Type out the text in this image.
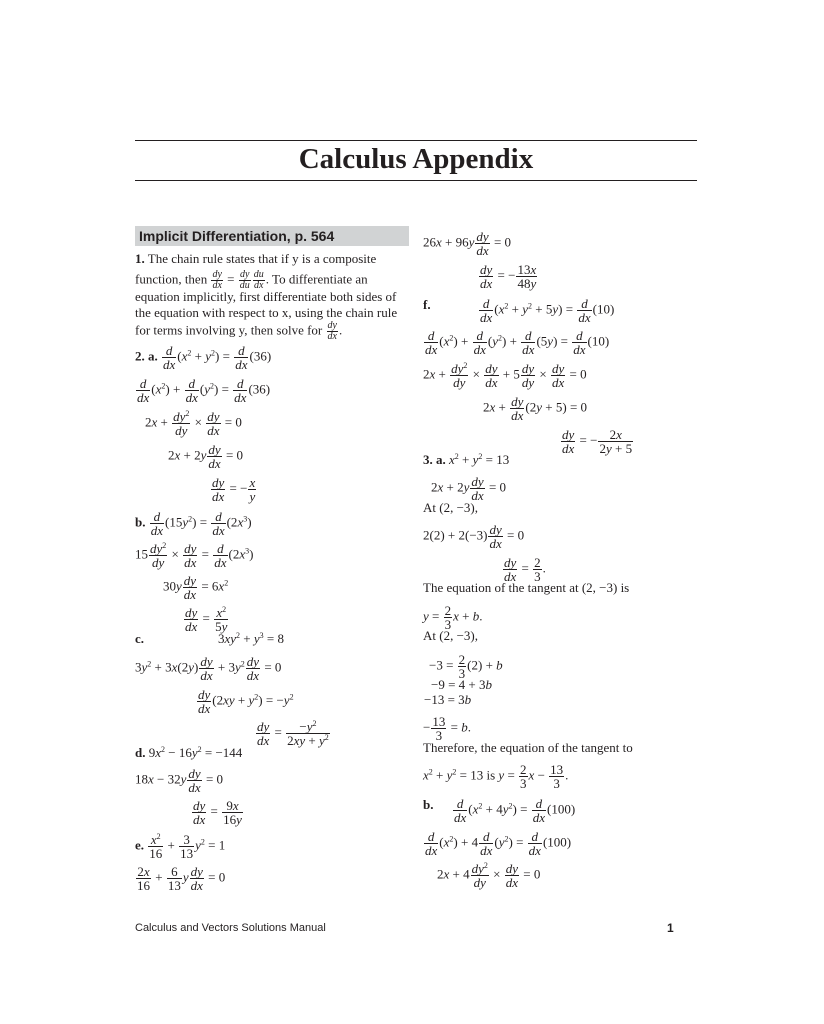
Calculus Appendix
Implicit Differentiation, p. 564
1. The chain rule states that if y is a composite
function, then $\frac{dy}{dx} = \frac{dy}{du} \frac{du}{dx}$ . To differentiate an
equation implicitly, first differentiate both sides of
the equation with respect to x, using the chain rule
for terms involving y, then solve for $\frac{dy}{dx}$ .
2. a. $\frac{d}{dx} (x^2 + y^2) = \frac{d}{dx} (36)$
$\frac{d}{dx} (x^2) + \frac{d}{dx} (y^2) = \frac{d}{dx} (36)$
$2x + \frac{dy^2}{dy} \times \frac{dy}{dx} = 0$
$2x + 2y \frac{dy}{dx} = 0$
$\frac{dy}{dx}$ = − $\frac{x}{y}$
b. $\frac{d}{dx} (15y^2) = \frac{d}{dx} (2x^3)$
$15 \frac{dy^2}{dy} \times \frac{dy}{dx} = \frac{d}{dx} (2x^3)$
$30y \frac{dy}{dx} = 6x^2$
$\frac{dy}{dx} = \frac{x^2}{5y}$
c.	$3xy^2 + y^3 = 8$
$3y^2 + 3x(2y) \frac{dy}{dx} + 3y^2 \frac{dy}{dx} = 0$
$\frac{dy}{dx} (2xy + y^2) = -y^2$
$\frac{dy}{dx} = \frac{-y^2}{2xy + y^2}$
d. $9x^2 - 16y^2 = -144$
$18x - 32y \frac{dy}{dx} = 0$
$\frac{dy}{dx} = \frac{9x}{16y}$
e. $\frac{x^2}{16} + \frac{3}{13} y^2 = 1$
$\frac{2x}{16} + \frac{6}{13}$ y $\frac{dy}{dx} = 0$
$26x + 96y \frac{dy}{dx} = 0$
$\frac{dy}{dx}$ = − $\frac{13x}{48y}$
f.	$\frac{d}{dx} (x^2 + y^2 + 5y) = \frac{d}{dx} (10)$
$\frac{d}{dx} (x^2) + \frac{d}{dx} (y^2) + \frac{d}{dx} (5y) = \frac{d}{dx} (10)$
$2x + \frac{dy^2}{dy} \times \frac{dy}{dx} + 5 \frac{dy}{dy} \times \frac{dy}{dx} = 0$
$2x + \frac{dy}{dx} (2y + 5) = 0$
$\frac{dy}{dx}$ = − $\frac{2x}{2y + 5}$
3. a. $x^2 + y^2 = 13$
$2x + 2y \frac{dy}{dx} = 0$
At (2, −3),
$2(2) + 2(-3) \frac{dy}{dx} = 0$
$\frac{dy}{dx} = \frac{2}{3}$ .
The equation of the tangent at (2, −3) is
$y = \frac{2}{3}$ x + b.
At (2, −3),
$-3 = \frac{2}{3} (2) + b$
−9 = 4 + 3b
−13 = 3b
− $\frac{13}{3} = b$.
Therefore, the equation of the tangent to
$x^2 + y^2 = 13$ is $y = \frac{2}{3}$ $x - \frac{13}{3}$ .
b. $\frac{d}{dx} (x^2 + 4y^2) = \frac{d}{dx} (100)$
$\frac{d}{dx} (x^2) + 4 \frac{d}{dx} (y^2) = \frac{d}{dx} (100)$
$2x + 4 \frac{dy^2}{dy} \times \frac{dy}{dx} = 0$
Calculus and Vectors Solutions Manual	1
